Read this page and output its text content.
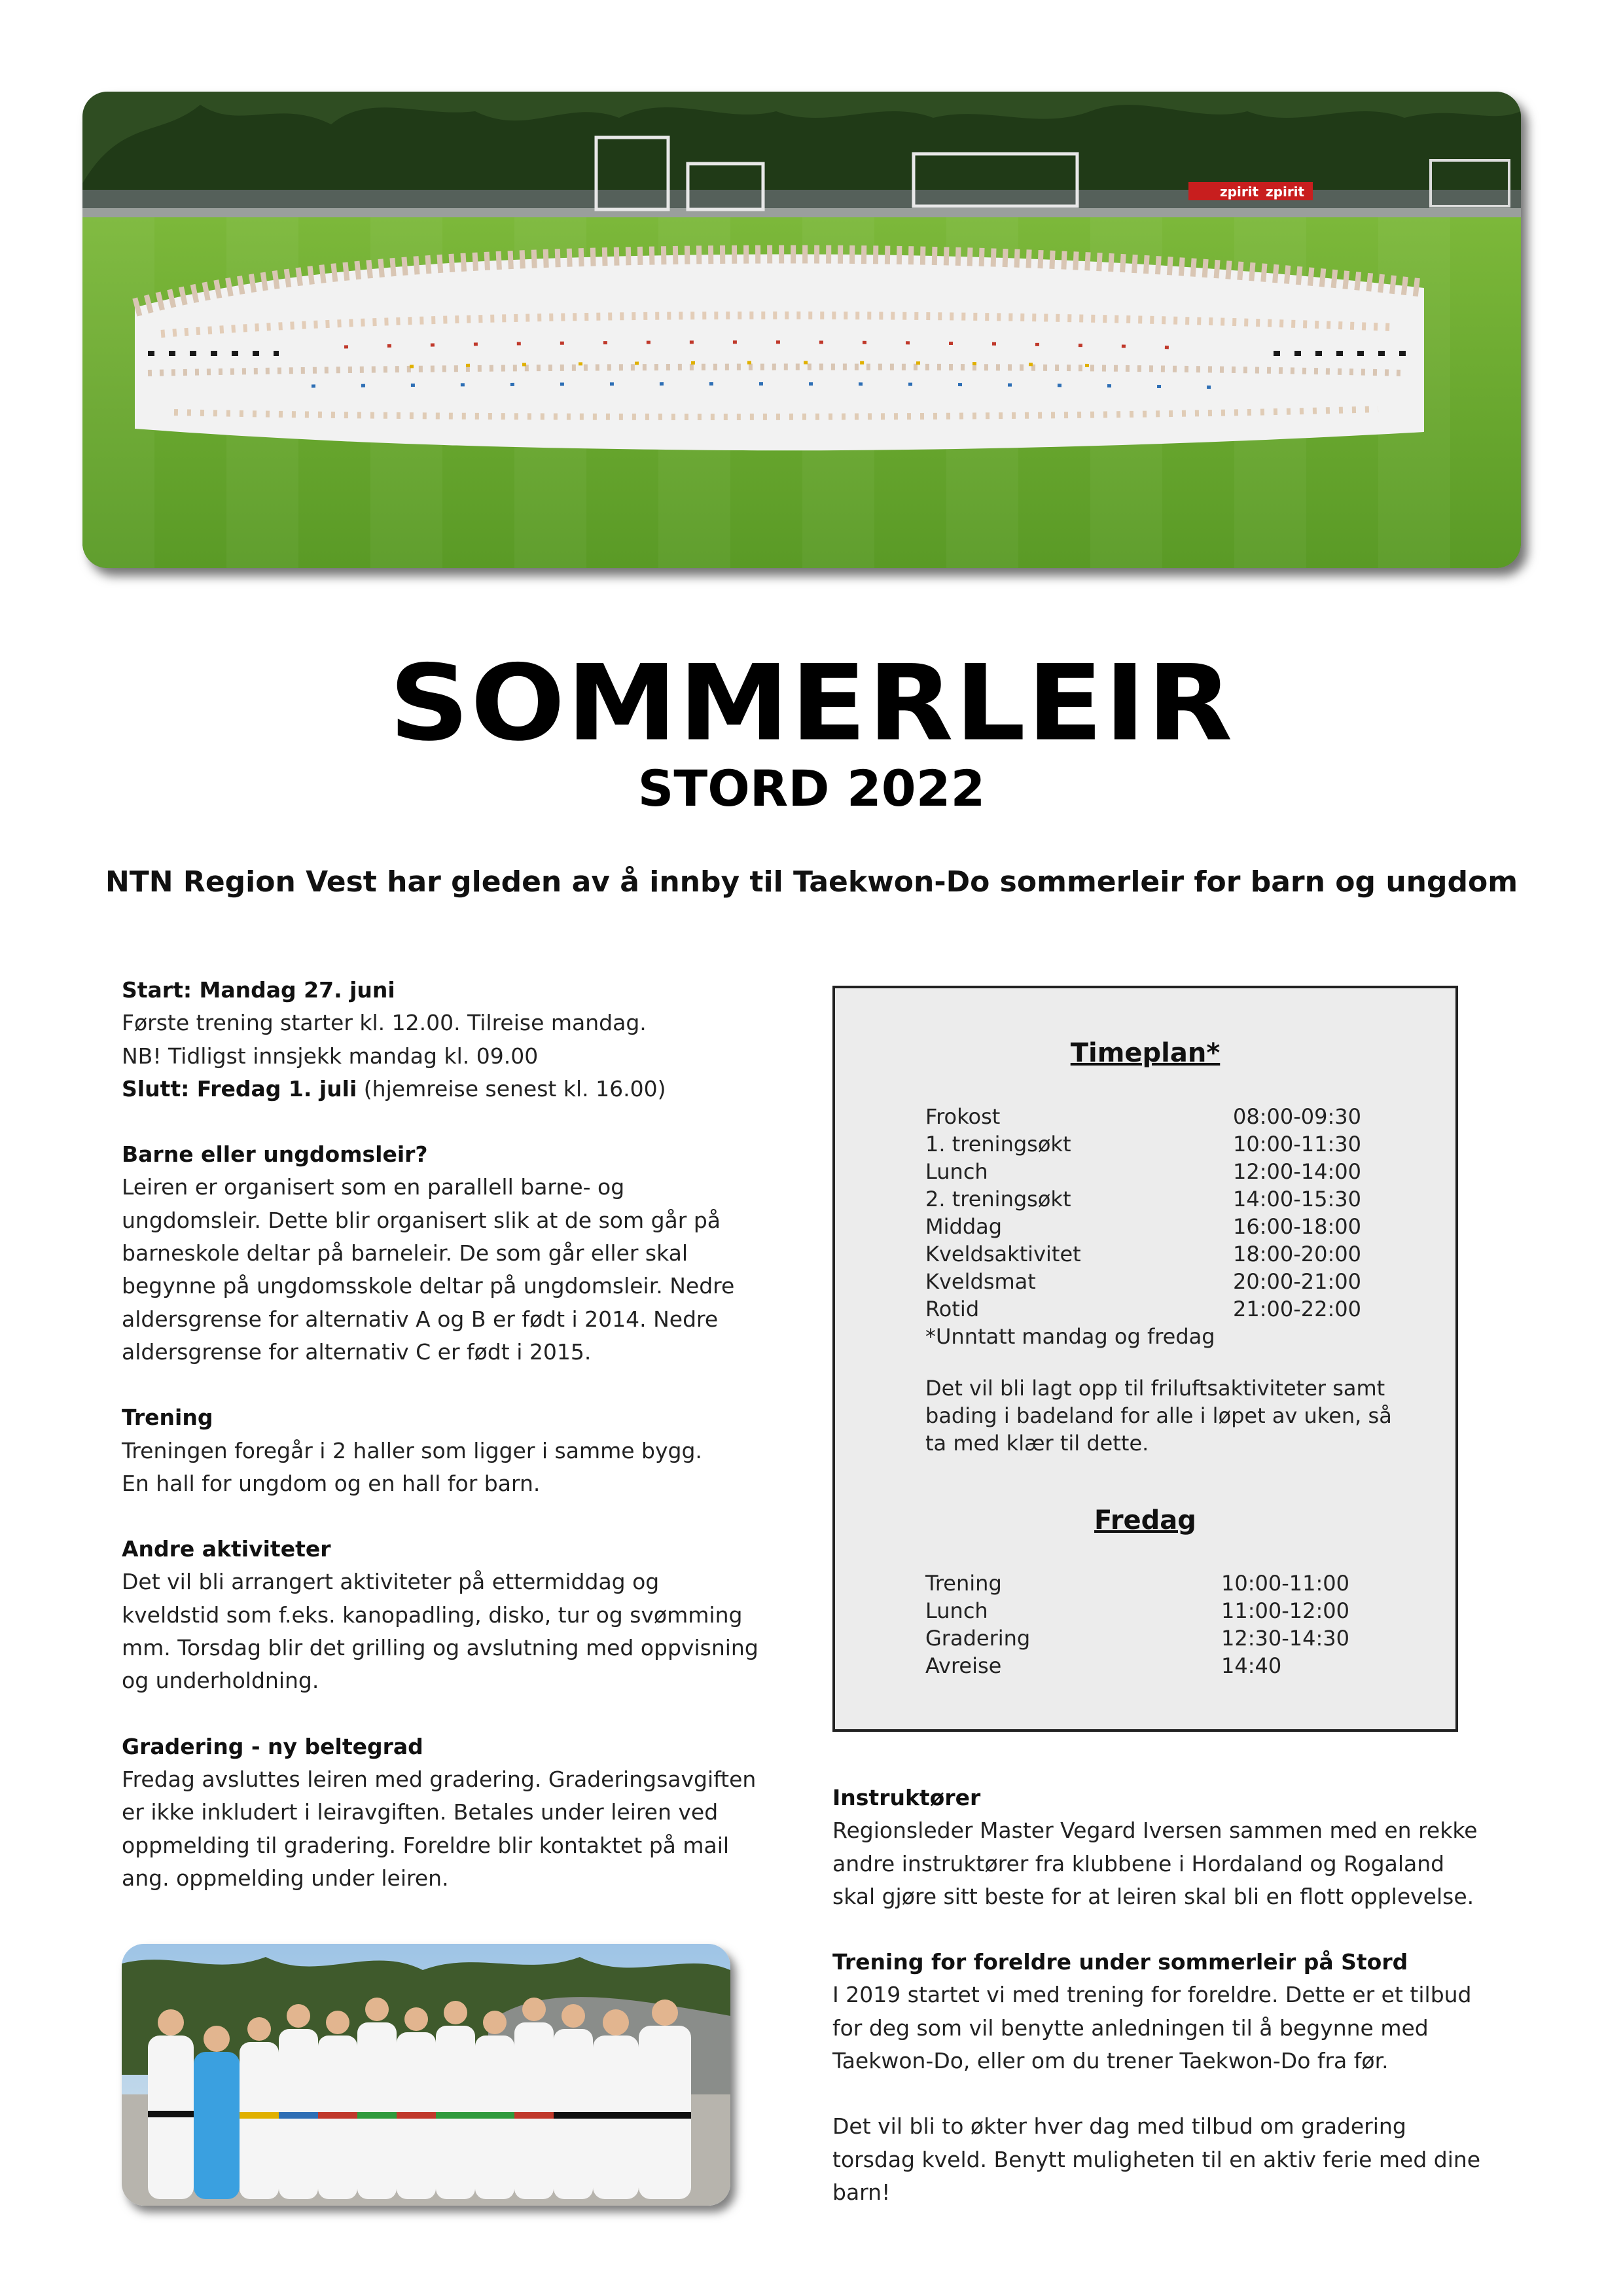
zpirit zpirit
SOMMERLEIR
STORD 2022
NTN Region Vest har gleden av å innby til Taekwon-Do sommerleir for barn og ungdom

Start: Mandag 27. juni
Første trening starter kl. 12.00. Tilreise mandag.
NB! Tidligst innsjekk mandag kl. 09.00
Slutt: Fredag 1. juli (hjemreise senest kl. 16.00)

Barne eller ungdomsleir?
Leiren er organisert som en parallell barne- og ungdomsleir. Dette blir organisert slik at de som går på barneskole deltar på barneleir. De som går eller skal begynne på ungdomsskole deltar på ungdomsleir. Nedre aldersgrense for alternativ A og B er født i 2014. Nedre aldersgrense for alternativ C er født i 2015.

Trening
Treningen foregår i 2 haller som ligger i samme bygg.
En hall for ungdom og en hall for barn.

Andre aktiviteter
Det vil bli arrangert aktiviteter på ettermiddag og kveldstid som f.eks. kanopadling, disko, tur og svømming mm. Torsdag blir det grilling og avslutning med oppvisning og underholdning.

Gradering - ny beltegrad
Fredag avsluttes leiren med gradering. Graderingsavgiften er ikke inkludert i leiravgiften. Betales under leiren ved oppmelding til gradering. Foreldre blir kontaktet på mail ang. oppmelding under leiren.

Timeplan*
Frokost	08:00-09:30
1. treningsøkt	10:00-11:30
Lunch	12:00-14:00
2. treningsøkt	14:00-15:30
Middag	16:00-18:00
Kveldsaktivitet	18:00-20:00
Kveldsmat	20:00-21:00
Rotid	21:00-22:00
*Unntatt mandag og fredag
Det vil bli lagt opp til friluftsaktiviteter samt bading i badeland for alle i løpet av uken, så ta med klær til dette.
Fredag
Trening	10:00-11:00
Lunch	11:00-12:00
Gradering	12:30-14:30
Avreise	14:40

Instruktører
Regionsleder Master Vegard Iversen sammen med en rekke andre instruktører fra klubbene i Hordaland og Rogaland skal gjøre sitt beste for at leiren skal bli en flott opplevelse.

Trening for foreldre under sommerleir på Stord
I 2019 startet vi med trening for foreldre. Dette er et tilbud for deg som vil benytte anledningen til å begynne med Taekwon-Do, eller om du trener Taekwon-Do fra før.

Det vil bli to økter hver dag med tilbud om gradering torsdag kveld. Benytt muligheten til en aktiv ferie med dine barn!
